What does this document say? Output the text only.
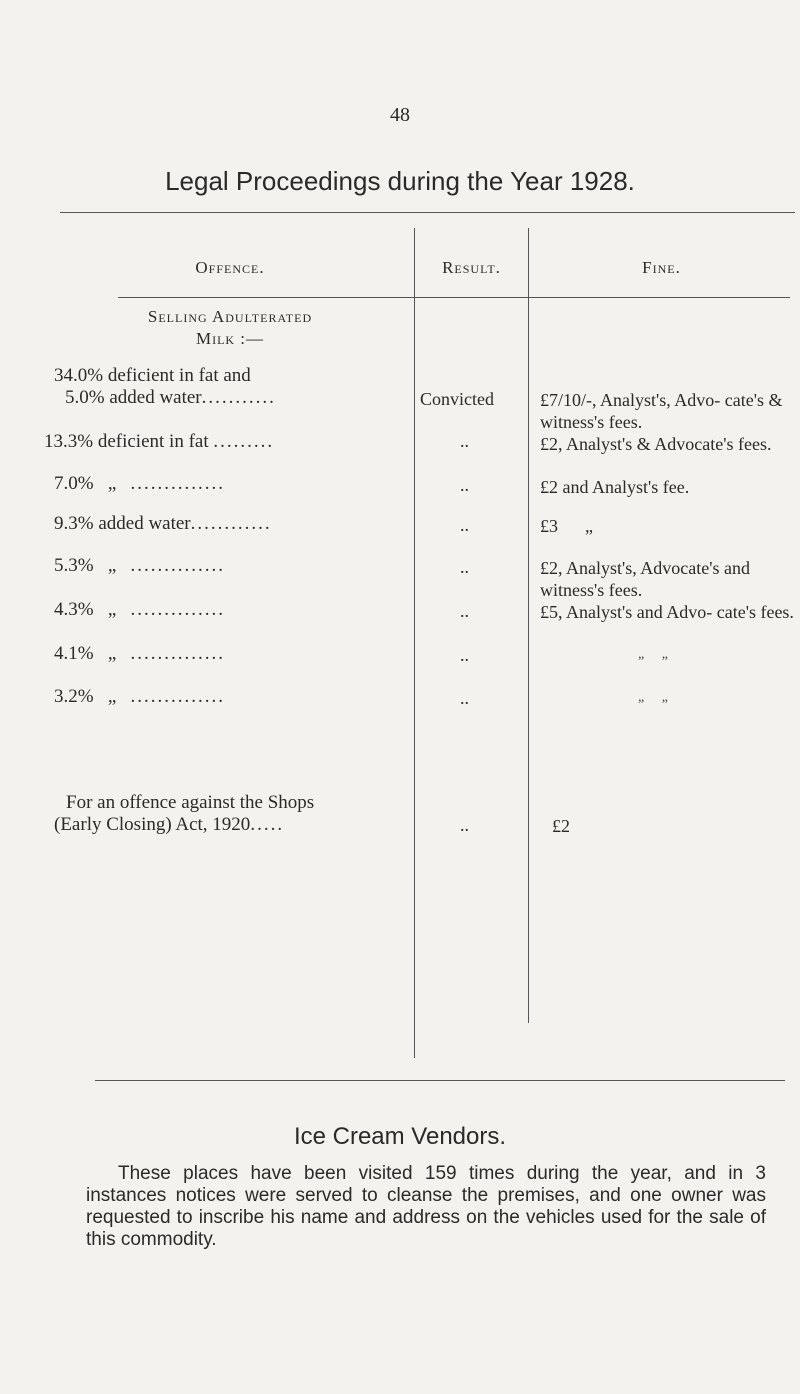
48
Legal Proceedings during the Year 1928.
Offence.	Result.	Fine.
Selling Adulterated
Milk :—
34.0% deficient in fat and
5.0% added water...........	Convicted	£7/10/-, Analyst's, Advo- cate's & witness's fees.
13.3% deficient in fat .........	..	£2, Analyst's & Advocate's fees.
7.0% „ ..............	..	£2 and Analyst's fee.
9.3% added water............	..	£3 „
5.3% „ ..............	..	£2, Analyst's, Advocate's and witness's fees.
4.3% „ ..............	..	£5, Analyst's and Advo- cate's fees.
4.1% „ ..............	..	„     „
3.2% „ ..............	..	„     „
For an offence against the Shops
(Early Closing) Act, 1920.....	..	£2
Ice Cream Vendors.
These places have been visited 159 times during the year, and in 3 instances notices were served to cleanse the premises, and one owner was requested to inscribe his name and address on the vehicles used for the sale of this commodity.
